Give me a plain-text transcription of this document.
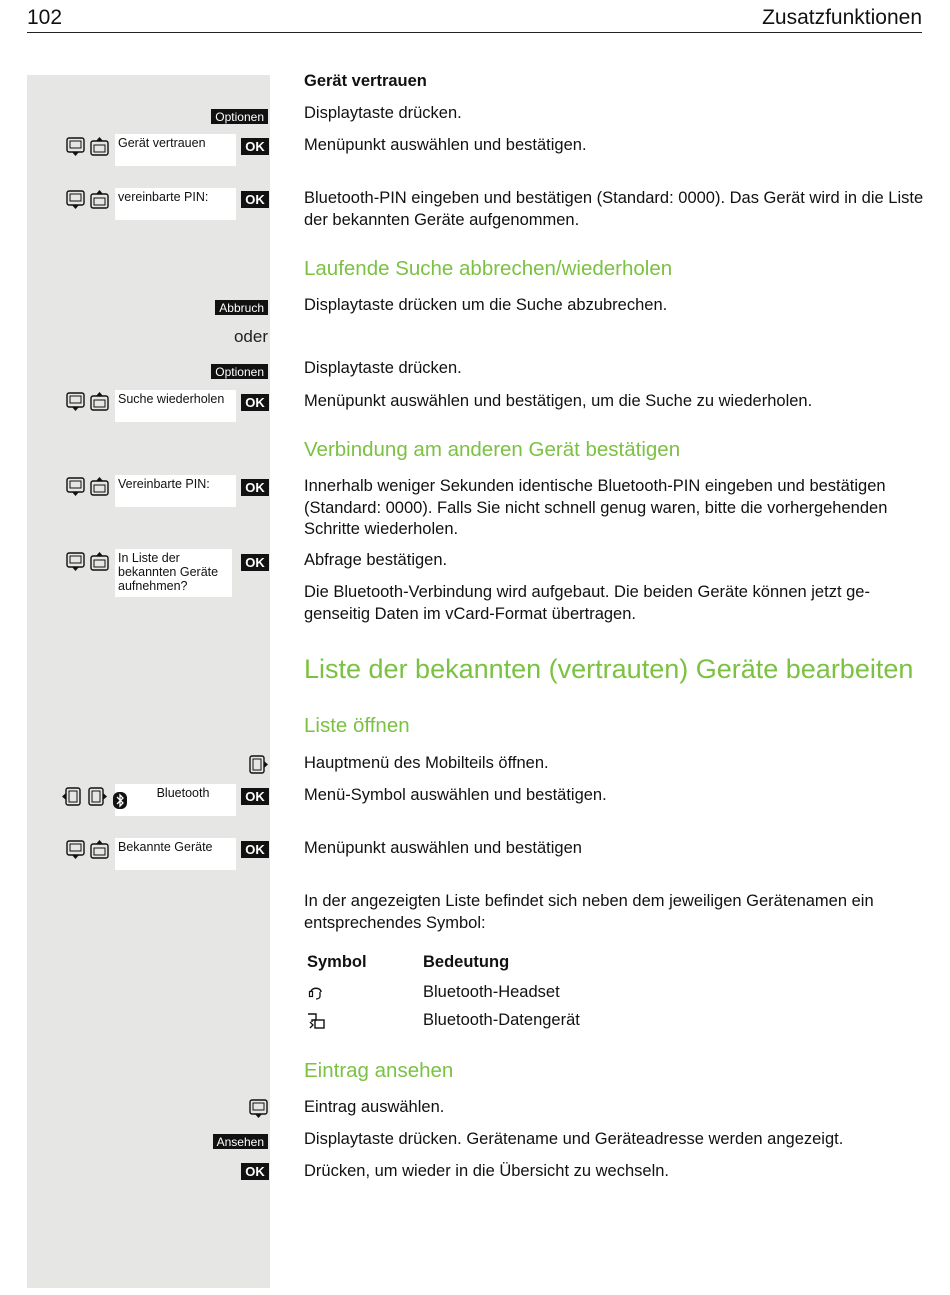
102	Zusatzfunktionen
Gerät vertrauen
Optionen Displaytaste drücken.
Gerät vertrauen	OK Menüpunkt auswählen und bestätigen.
vereinbarte PIN:	OK Bluetooth-PIN eingeben und bestätigen (Standard: 0000). Das Gerät wird in die Liste der bekannten Geräte aufgenommen.
Laufende Suche abbrechen/wiederholen
Abbruch Displaytaste drücken um die Suche abzubrechen.
oder
Optionen Displaytaste drücken.
Suche wiederholen	OK Menüpunkt auswählen und bestätigen, um die Suche zu wiederholen.
Verbindung am anderen Gerät bestätigen
Vereinbarte PIN:	OK Innerhalb weniger Sekunden identische Bluetooth-PIN eingeben und bestätigen (Standard: 0000). Falls Sie nicht schnell genug waren, bitte die vorhergehenden Schritte wiederholen.
In Liste der bekannten Geräte aufnehmen?
OK Abfrage bestätigen.
Die Bluetooth-Verbindung wird aufgebaut. Die beiden Geräte können jetzt ge-genseitig Daten im vCard-Format übertragen.
Liste der bekannten (vertrauten) Geräte bearbeiten
Liste öffnen
Hauptmenü des Mobilteils öffnen.
Bluetooth	OK Menü-Symbol auswählen und bestätigen.
Bekannte Geräte	OK Menüpunkt auswählen und bestätigen
In der angezeigten Liste befindet sich neben dem jeweiligen Gerätenamen ein entsprechendes Symbol:
Symbol	Bedeutung
Bluetooth-Headset
Bluetooth-Datengerät
Eintrag ansehen
Eintrag auswählen.
Ansehen Displaytaste drücken. Gerätename und Geräteadresse werden angezeigt.
OK Drücken, um wieder in die Übersicht zu wechseln.
